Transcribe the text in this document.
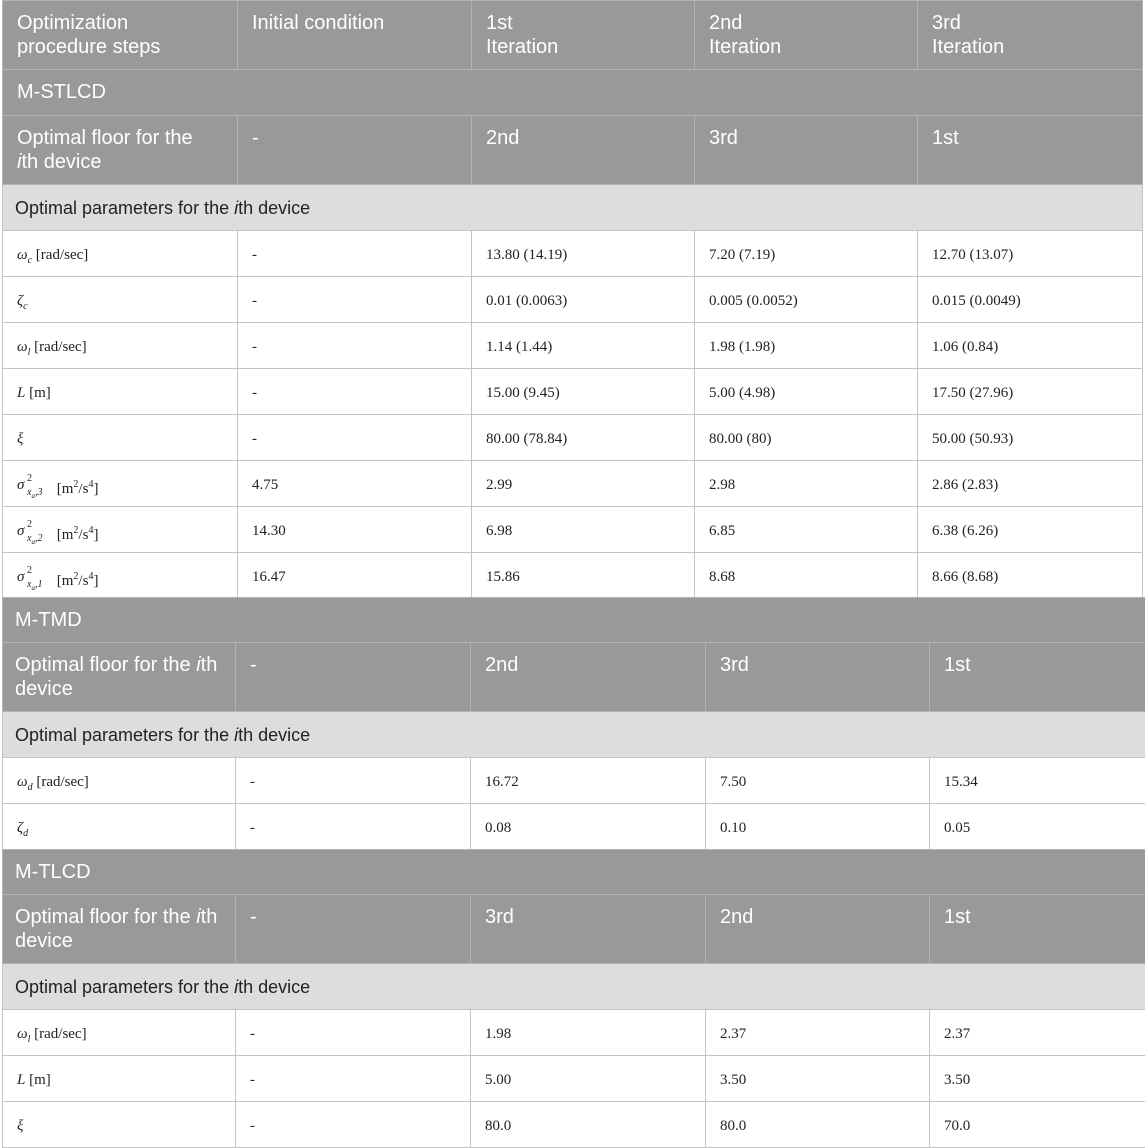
Optimization procedure steps	Initial condition	1st Iteration	2nd Iteration	3rd Iteration

M-STLCD				

Optimal floor for the ith device	-	2nd	3rd	1st

Optimal parameters for the ith device				

$\omega_c$ [rad/sec]	-	13.80 (14.19)	7.20 (7.19)	12.70 (13.07)

$\zeta_c$	-	0.01 (0.0063)	0.005 (0.0052)	0.015 (0.0049)

$\omega_l$ [rad/sec]	-	1.14 (1.44)	1.98 (1.98)	1.06 (0.84)

L [m]	-	15.00 (9.45)	5.00 (4.98)	17.50 (27.96)

ξ	-	80.00 (78.84)	80.00 (80)	50.00 (50.93)

σ 2
$x_a,3$ $[m^2/s^4]$	4.75	2.99	2.98	2.86 (2.83)

σ 2
$x_a,2$ $[m^2/s^4]$	14.30	6.98	6.85	6.38 (6.26)

σ 2
$x_a,1$ $[m^2/s^4]$	16.47	15.86	8.68	8.66 (8.68)
M-TMD				

Optimal floor for the ith device	-	2nd	3rd	1st

Optimal parameters for the ith device				

$\omega_d$ [rad/sec]	-	16.72	7.50	15.34

$\zeta_d$	-	0.08	0.10	0.05
M-TLCD				

Optimal floor for the ith device	-	3rd	2nd	1st

Optimal parameters for the ith device				

$\omega_l$ [rad/sec]	-	1.98	2.37	2.37

L [m]	-	5.00	3.50	3.50

ξ	-	80.0	80.0	70.0
